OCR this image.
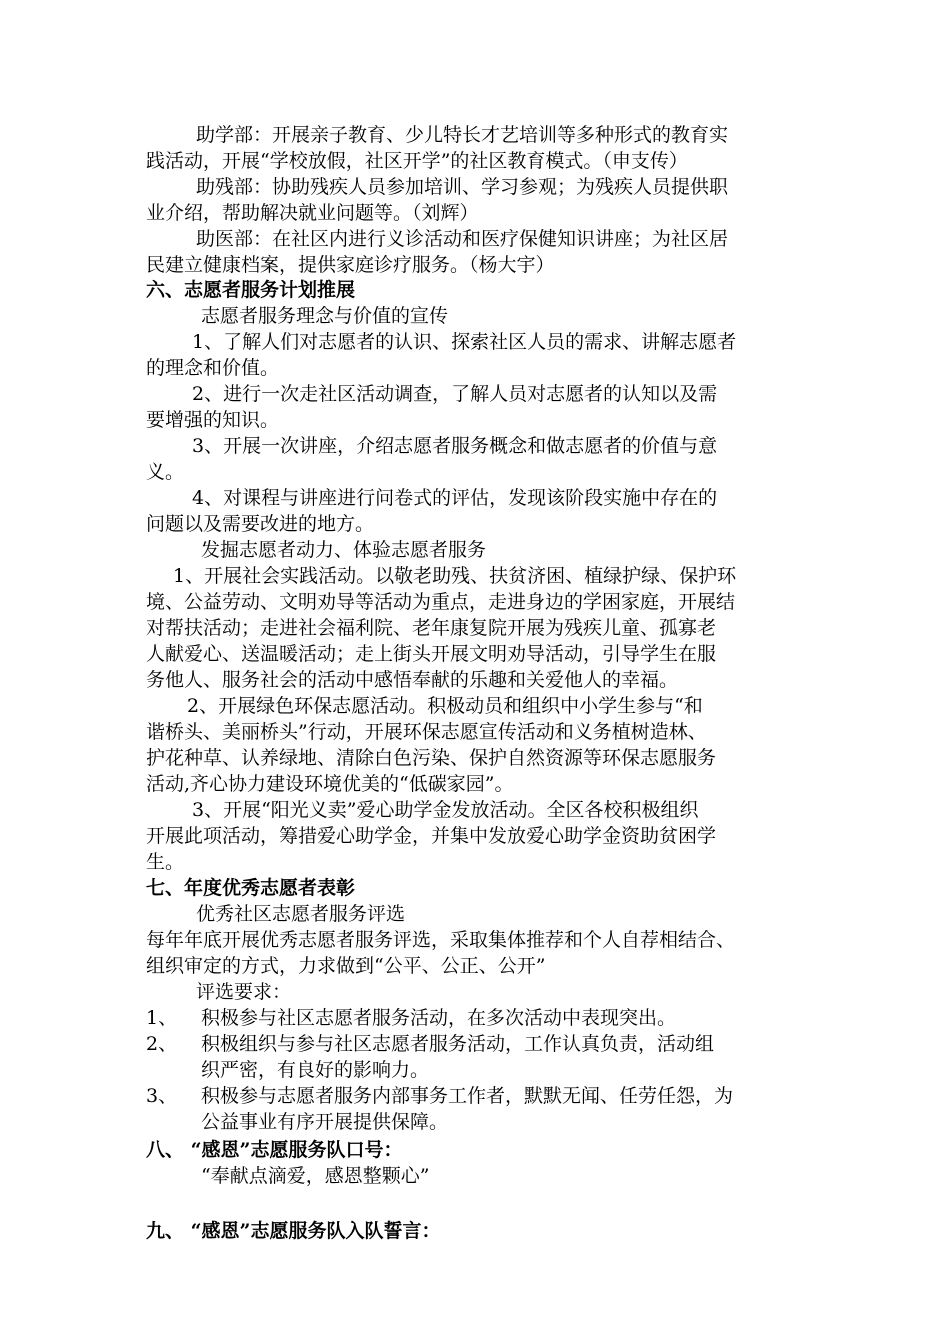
助学部：开展亲子教育、少儿特长才艺培训等多种形式的教育实

践活动，开展“学校放假，社区开学”的社区教育模式。（申支传）

助残部：协助残疾人员参加培训、学习参观；为残疾人员提供职

业介绍，帮助解决就业问题等。（刘辉）

助医部：在社区内进行义诊活动和医疗保健知识讲座；为社区居

民建立健康档案，提供家庭诊疗服务。（杨大宇）

六、志愿者服务计划推展

志愿者服务理念与价值的宣传

1、了解人们对志愿者的认识、探索社区人员的需求、讲解志愿者

的理念和价值。

2、进行一次走社区活动调查，了解人员对志愿者的认知以及需

要增强的知识。

3、开展一次讲座，介绍志愿者服务概念和做志愿者的价值与意

义。

4、对课程与讲座进行问卷式的评估，发现该阶段实施中存在的

问题以及需要改进的地方。

发掘志愿者动力、体验志愿者服务

1、开展社会实践活动。以敬老助残、扶贫济困、植绿护绿、保护环

境、公益劳动、文明劝导等活动为重点，走进身边的学困家庭，开展结

对帮扶活动；走进社会福利院、老年康复院开展为残疾儿童、孤寡老

人献爱心、送温暖活动；走上街头开展文明劝导活动，引导学生在服

务他人、服务社会的活动中感悟奉献的乐趣和关爱他人的幸福。

2、开展绿色环保志愿活动。积极动员和组织中小学生参与“和

谐桥头、美丽桥头”行动，开展环保志愿宣传活动和义务植树造林、

护花种草、认养绿地、清除白色污染、保护自然资源等环保志愿服务

活动,齐心协力建设环境优美的“低碳家园”。

3、开展“阳光义卖”爱心助学金发放活动。全区各校积极组织

开展此项活动，筹措爱心助学金，并集中发放爱心助学金资助贫困学

生。

七、年度优秀志愿者表彰

优秀社区志愿者服务评选

每年年底开展优秀志愿者服务评选，采取集体推荐和个人自荐相结合、

组织审定的方式，力求做到“公平、公正、公开”

评选要求：

1、 积极参与社区志愿者服务活动，在多次活动中表现突出。

2、 积极组织与参与社区志愿者服务活动，工作认真负责，活动组

织严密，有良好的影响力。

3、 积极参与志愿者服务内部事务工作者，默默无闻、任劳任怨，为

公益事业有序开展提供保障。

八、 “感恩”志愿服务队口号：

“奉献点滴爱，感恩整颗心”

九、 “感恩”志愿服务队入队誓言：
